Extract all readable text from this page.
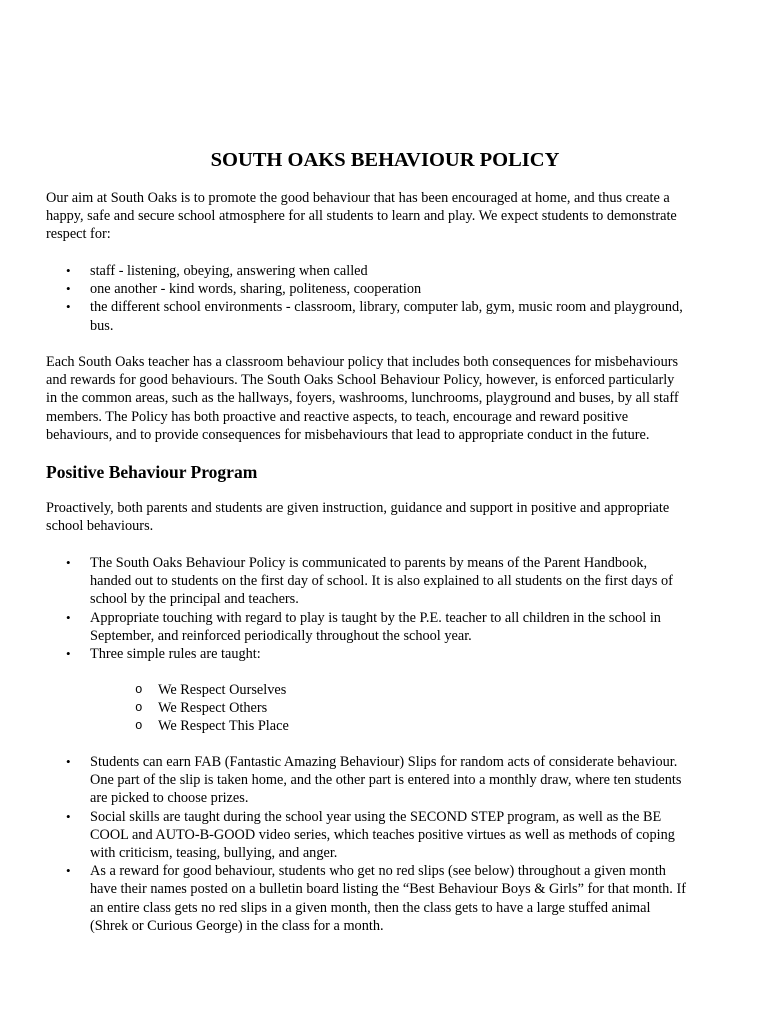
SOUTH OAKS BEHAVIOUR POLICY

Our aim at South Oaks is to promote the good behaviour that has been encouraged at home, and thus create a
happy, safe and secure school atmosphere for all students to learn and play. We expect students to demonstrate
respect for:

• staff - listening, obeying, answering when called
• one another - kind words, sharing, politeness, cooperation
• the different school environments - classroom, library, computer lab, gym, music room and playground,
bus.

Each South Oaks teacher has a classroom behaviour policy that includes both consequences for misbehaviours
and rewards for good behaviours. The South Oaks School Behaviour Policy, however, is enforced particularly
in the common areas, such as the hallways, foyers, washrooms, lunchrooms, playground and buses, by all staff
members. The Policy has both proactive and reactive aspects, to teach, encourage and reward positive
behaviours, and to provide consequences for misbehaviours that lead to appropriate conduct in the future.

Positive Behaviour Program

Proactively, both parents and students are given instruction, guidance and support in positive and appropriate
school behaviours.

• The South Oaks Behaviour Policy is communicated to parents by means of the Parent Handbook,
handed out to students on the first day of school. It is also explained to all students on the first days of
school by the principal and teachers.
• Appropriate touching with regard to play is taught by the P.E. teacher to all children in the school in
September, and reinforced periodically throughout the school year.
• Three simple rules are taught:
o We Respect Ourselves
o We Respect Others
o We Respect This Place
• Students can earn FAB (Fantastic Amazing Behaviour) Slips for random acts of considerate behaviour.
One part of the slip is taken home, and the other part is entered into a monthly draw, where ten students
are picked to choose prizes.
• Social skills are taught during the school year using the SECOND STEP program, as well as the BE
COOL and AUTO-B-GOOD video series, which teaches positive virtues as well as methods of coping
with criticism, teasing, bullying, and anger.
• As a reward for good behaviour, students who get no red slips (see below) throughout a given month
have their names posted on a bulletin board listing the “Best Behaviour Boys & Girls” for that month. If
an entire class gets no red slips in a given month, then the class gets to have a large stuffed animal
(Shrek or Curious George) in the class for a month.
